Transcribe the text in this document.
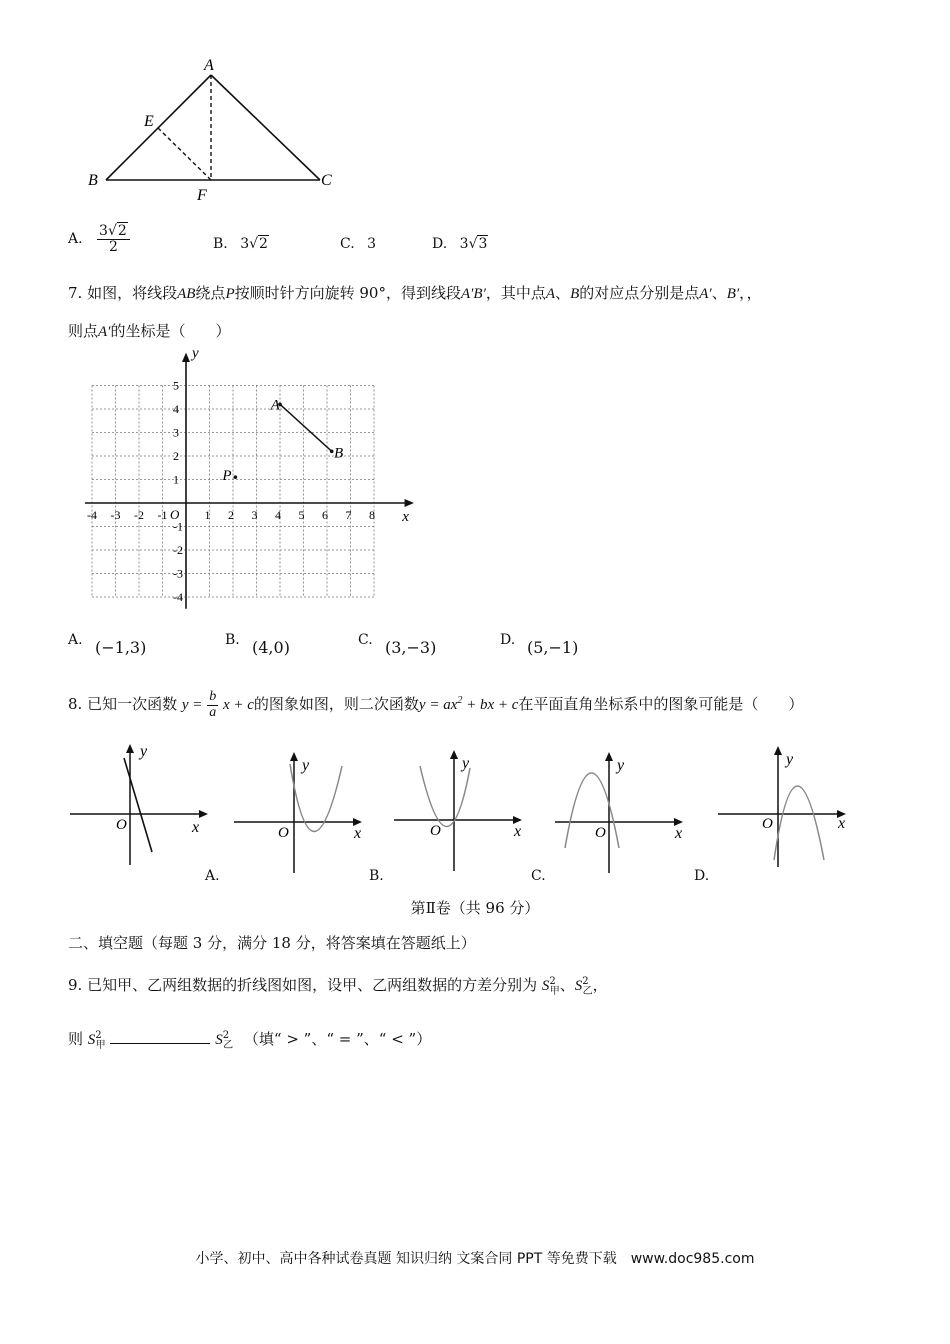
A
B	C
E
F
A. $\frac{3√2}{2}$	B. 3√2	C. 3	D. 3√3
7. 如图，将线段AB绕点P按顺时针方向旋转 90°，得到线段A′B′，其中点A、B的对应点分别是点A′、B′，，
则点A′的坐标是（　　）
-4 -3 -2 -1	1 2 3 4 5 6 7 8
5
4
3
2
1
-1
-2
-3
-4
O	x
y
A
B
P
A. (−1,3)	B. (4,0)	C. (3,−3)	D. (5,−1)
8. 已知一次函数 $y = \frac{b}{a}$ x + c的图象如图，则二次函数$y = ax^2$ + bx + c在平面直角坐标系中的图象可能是（　　）
y
x
O
y
x
O
A.
y
x
O
B.
y
x
O
C.
y
x
O
D.
第Ⅱ卷（共 96 分）
二、填空题（每题 3 分，满分 18 分，将答案填在答题纸上）
9. 已知甲、乙两组数据的折线图如图，设甲、乙两组数据的方差分别为 $S^2_甲$、$S^2_乙$，
则 $S^2_甲$	$S^2_乙$ （填“ > ”、“ = ”、“ < ”）
小学、初中、高中各种试卷真题 知识归纳 文案合同 PPT 等免费下载　www.doc985.com
